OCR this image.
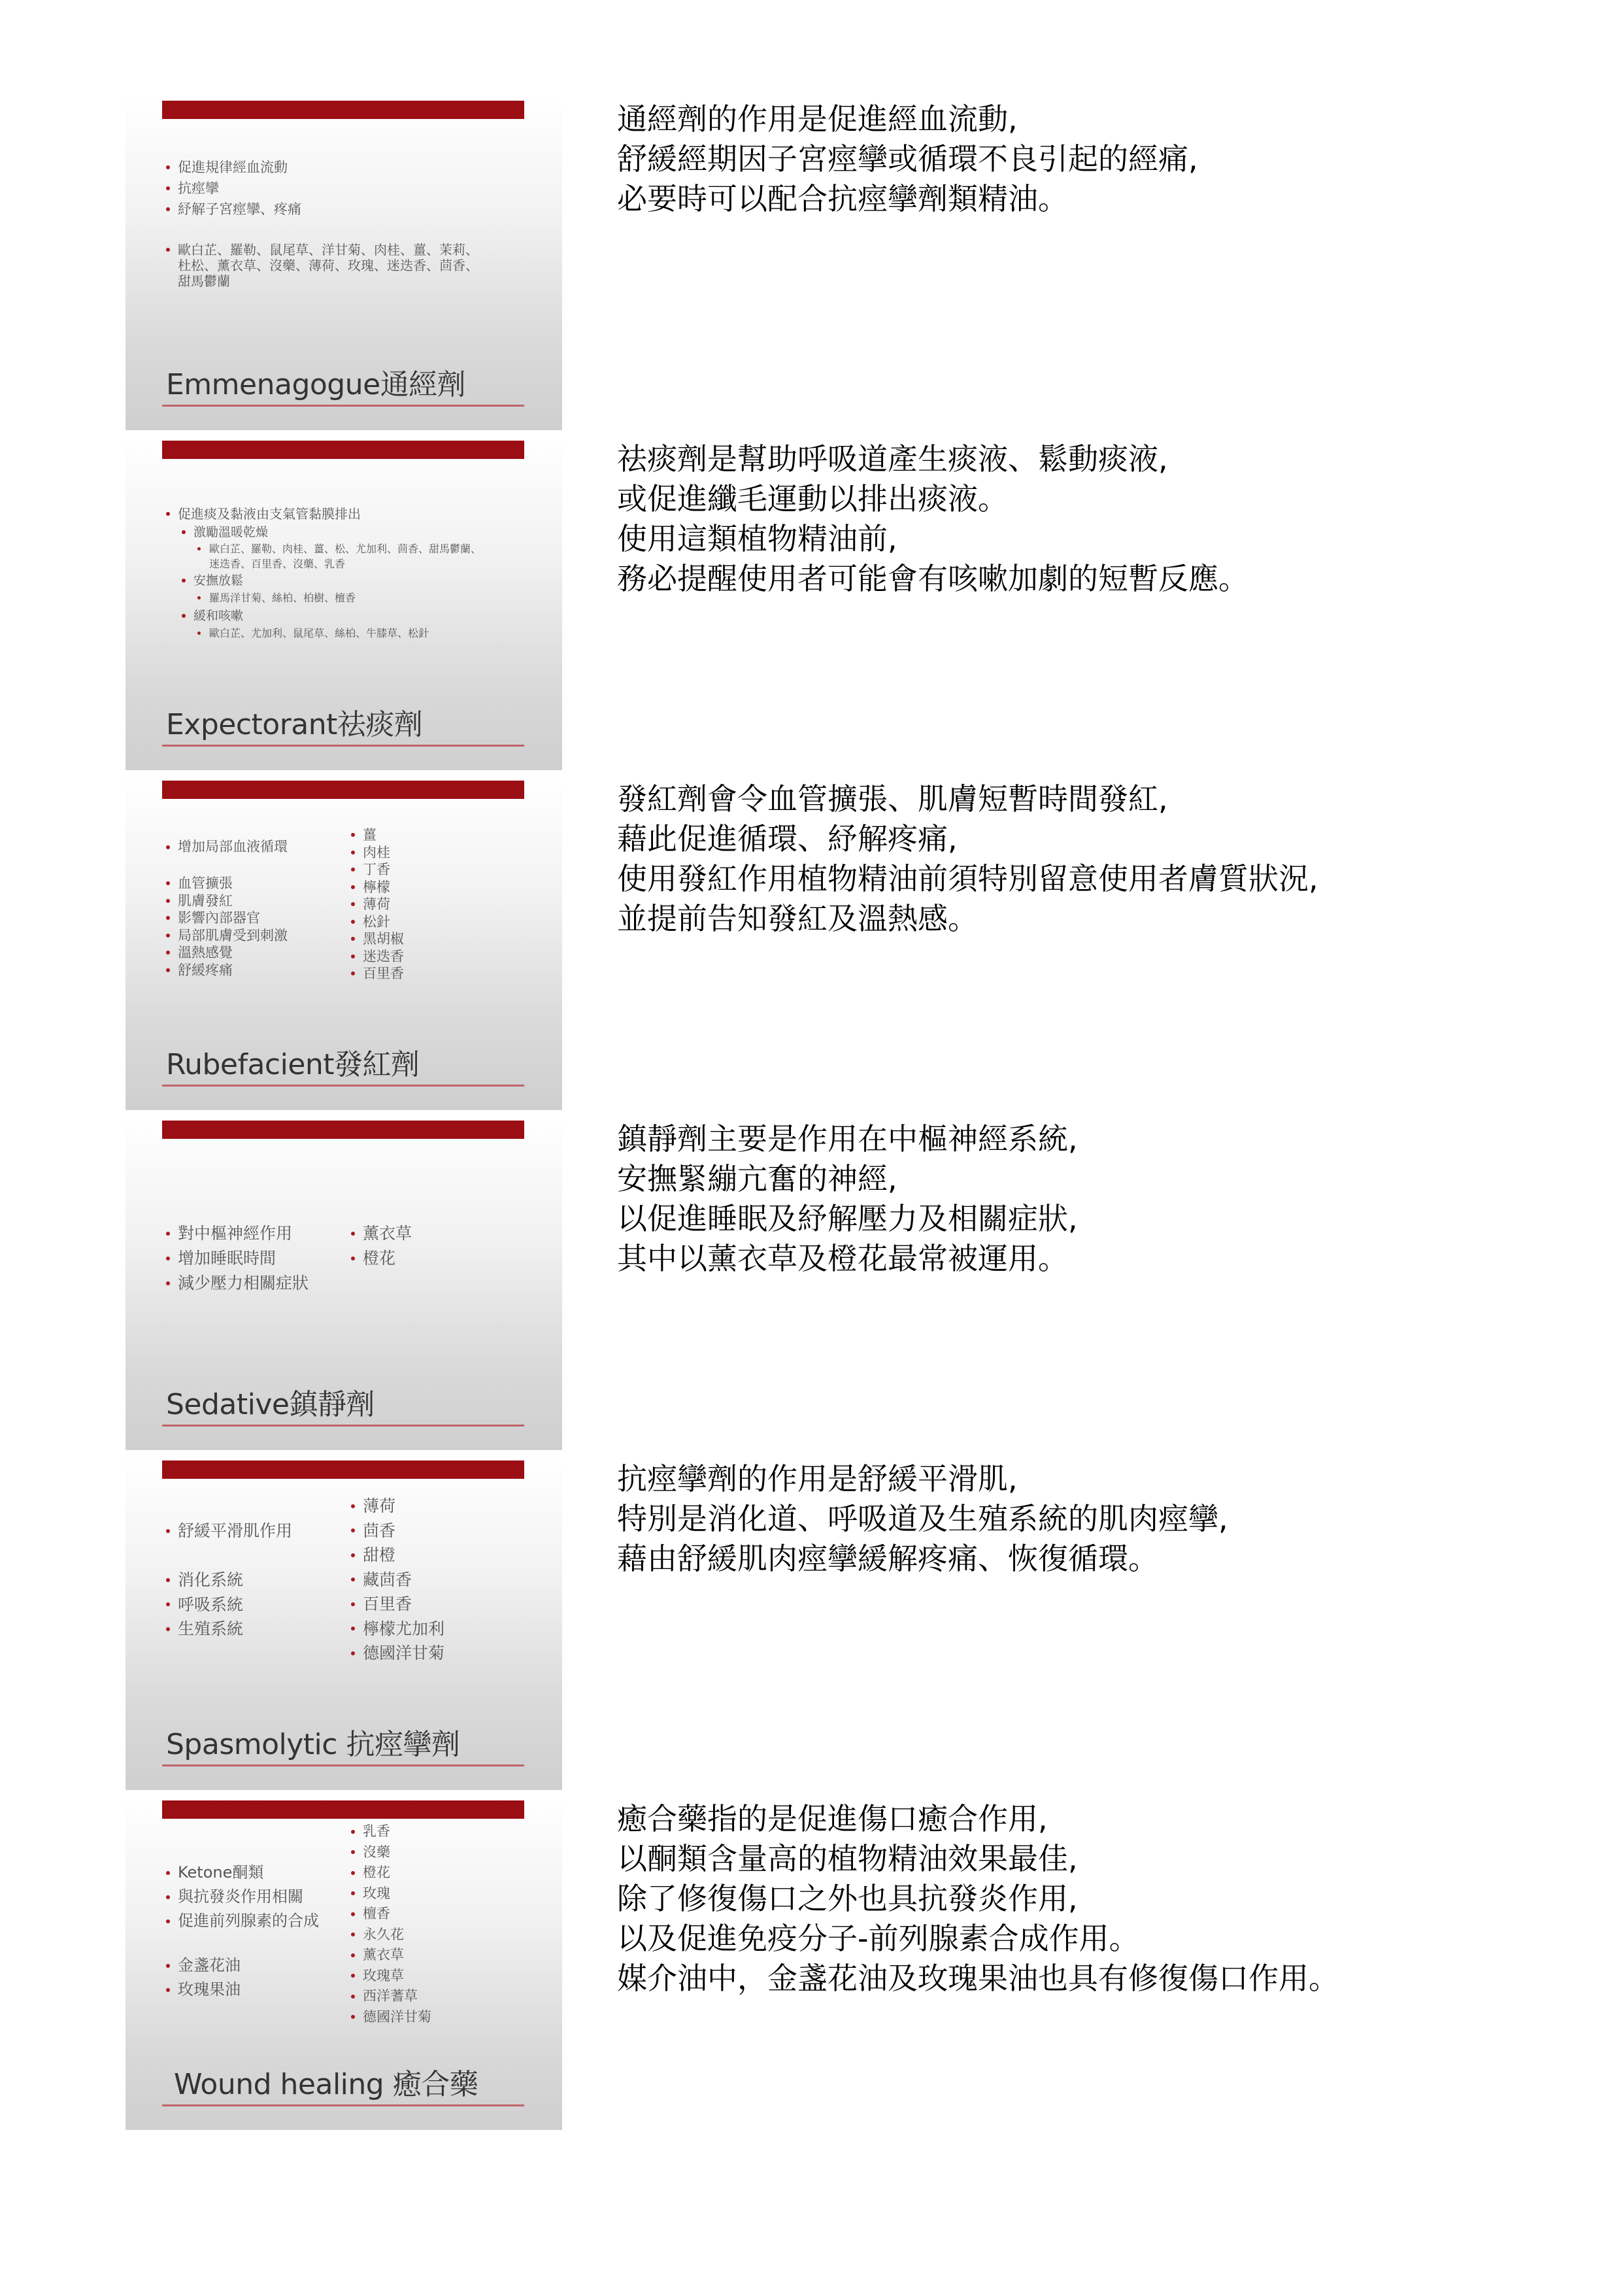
促進規律經血流動
抗痙攣
紓解子宮痙攣、疼痛
歐白芷、羅勒、鼠尾草、洋甘菊、肉桂、薑、茉莉、
杜松、薰衣草、沒藥、薄荷、玫瑰、迷迭香、茴香、
甜馬鬱蘭
Emmenagogue通經劑
促進痰及黏液由支氣管黏膜排出
激勵溫暖乾燥
歐白芷、羅勒、肉桂、薑、松、尤加利、茴香、甜馬鬱蘭、
迷迭香、百里香、沒藥、乳香
安撫放鬆
羅馬洋甘菊、絲柏、柏樹、檀香
緩和咳嗽
歐白芷、尤加利、鼠尾草、絲柏、牛膝草、松針
Expectorant祛痰劑
增加局部血液循環
血管擴張
肌膚發紅
影響內部器官
局部肌膚受到刺激
溫熱感覺
舒緩疼痛
薑
肉桂
丁香
檸檬
薄荷
松針
黑胡椒
迷迭香
百里香
Rubefacient發紅劑
對中樞神經作用
增加睡眠時間
減少壓力相關症狀
薰衣草
橙花
Sedative鎮靜劑
舒緩平滑肌作用
消化系統
呼吸系統
生殖系統
薄荷
茴香
甜橙
藏茴香
百里香
檸檬尤加利
德國洋甘菊
Spasmolytic 抗痙攣劑
Ketone酮類
與抗發炎作用相關
促進前列腺素的合成
金盞花油
玫瑰果油
乳香
沒藥
橙花
玫瑰
檀香
永久花
薰衣草
玫瑰草
西洋蓍草
德國洋甘菊
Wound healing 癒合藥
通經劑的作用是促進經血流動,
舒緩經期因子宮痙攣或循環不良引起的經痛,
必要時可以配合抗痙攣劑類精油。
祛痰劑是幫助呼吸道產生痰液、鬆動痰液,
或促進纖毛運動以排出痰液。
使用這類植物精油前,
務必提醒使用者可能會有咳嗽加劇的短暫反應。
發紅劑會令血管擴張、肌膚短暫時間發紅,
藉此促進循環、紓解疼痛,
使用發紅作用植物精油前須特別留意使用者膚質狀況,
並提前告知發紅及溫熱感。
鎮靜劑主要是作用在中樞神經系統,
安撫緊繃亢奮的神經,
以促進睡眠及紓解壓力及相關症狀,
其中以薰衣草及橙花最常被運用。
抗痙攣劑的作用是舒緩平滑肌,
特別是消化道、呼吸道及生殖系統的肌肉痙攣,
藉由舒緩肌肉痙攣緩解疼痛、恢復循環。
癒合藥指的是促進傷口癒合作用,
以酮類含量高的植物精油效果最佳,
除了修復傷口之外也具抗發炎作用,
以及促進免疫分子-前列腺素合成作用。
媒介油中，金盞花油及玫瑰果油也具有修復傷口作用。
